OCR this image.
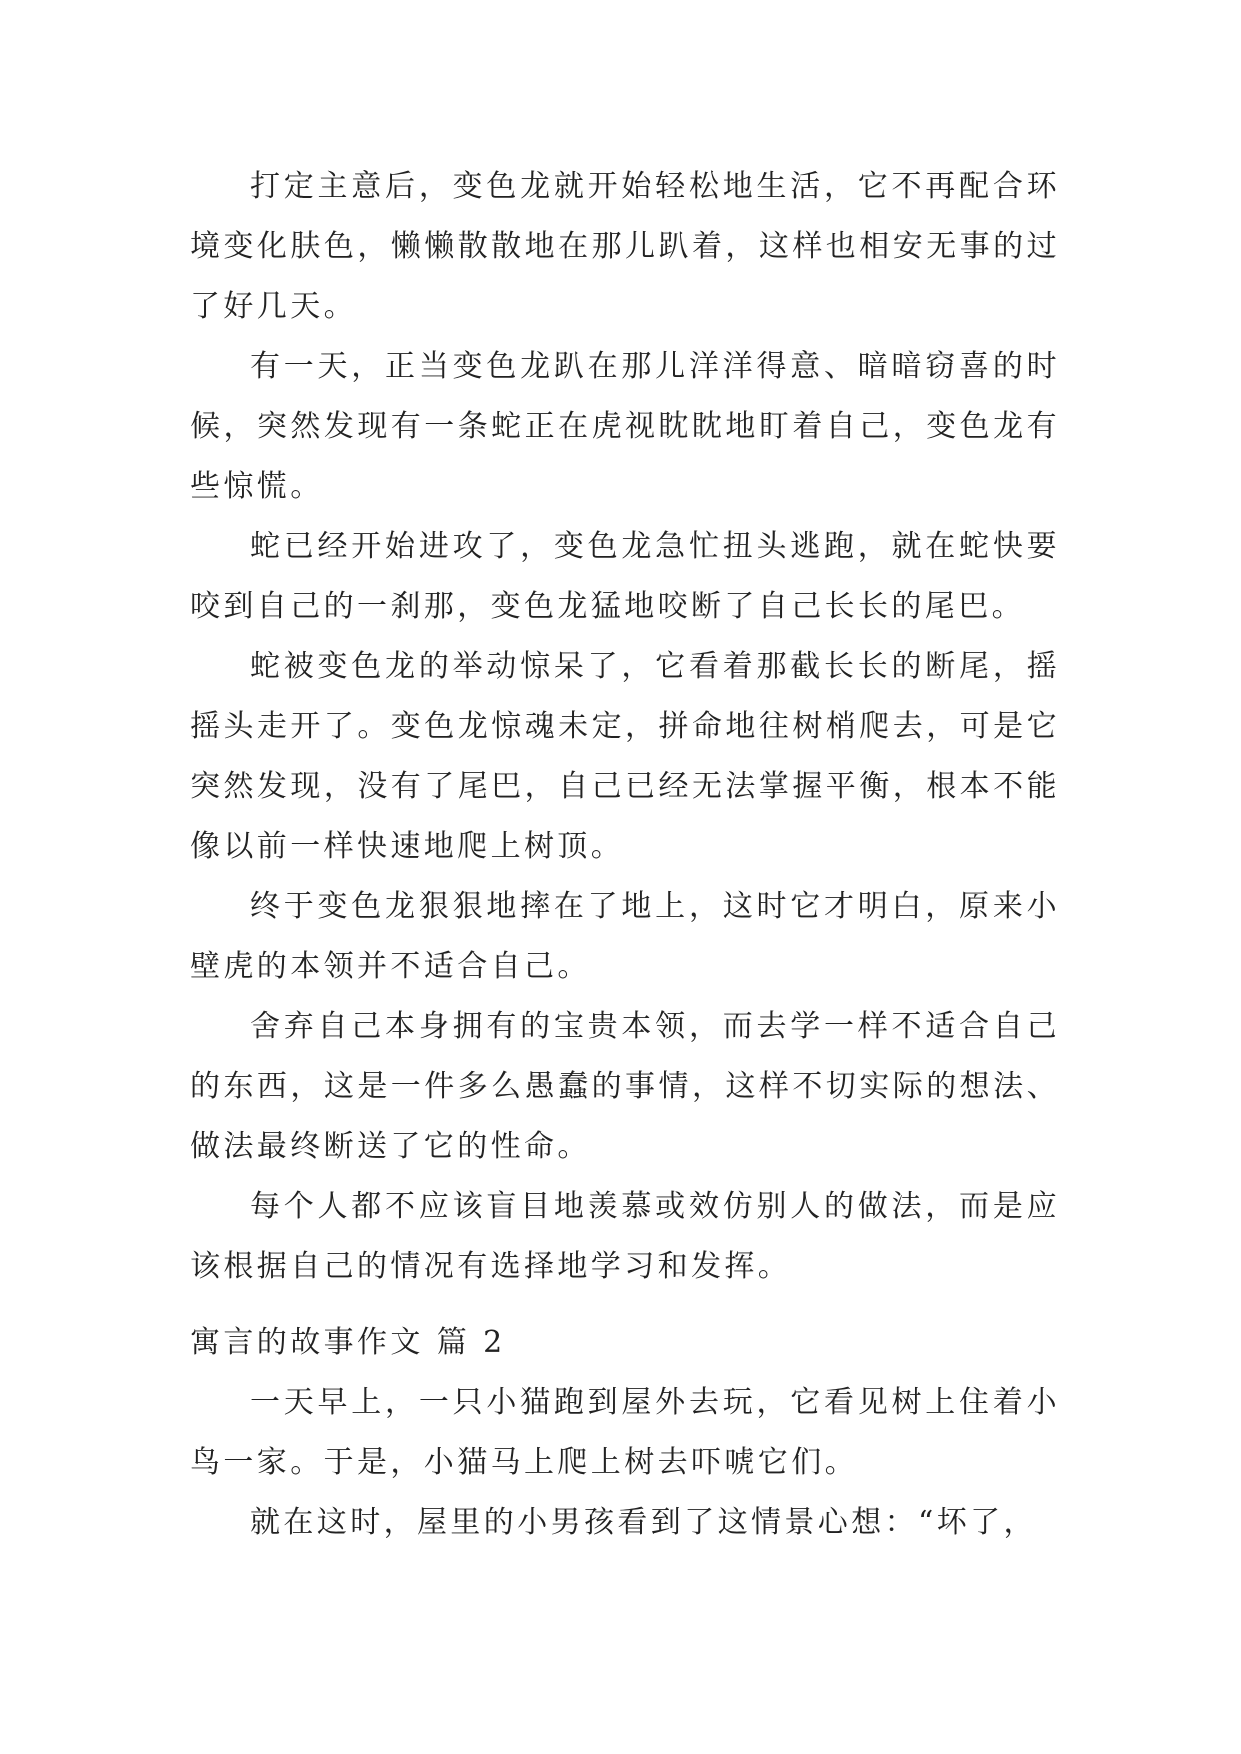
打定主意后，变色龙就开始轻松地生活，它不再配合环境变化肤色，懒懒散散地在那儿趴着，这样也相安无事的过了好几天。

有一天，正当变色龙趴在那儿洋洋得意、暗暗窃喜的时候，突然发现有一条蛇正在虎视眈眈地盯着自己，变色龙有些惊慌。

蛇已经开始进攻了，变色龙急忙扭头逃跑，就在蛇快要咬到自己的一刹那，变色龙猛地咬断了自己长长的尾巴。

蛇被变色龙的举动惊呆了，它看着那截长长的断尾，摇摇头走开了。变色龙惊魂未定，拼命地往树梢爬去，可是它突然发现，没有了尾巴，自己已经无法掌握平衡，根本不能像以前一样快速地爬上树顶。

终于变色龙狠狠地摔在了地上，这时它才明白，原来小壁虎的本领并不适合自己。

舍弃自己本身拥有的宝贵本领，而去学一样不适合自己的东西，这是一件多么愚蠢的事情，这样不切实际的想法、做法最终断送了它的性命。

每个人都不应该盲目地羡慕或效仿别人的做法，而是应该根据自己的情况有选择地学习和发挥。

寓言的故事作文 篇 2

一天早上，一只小猫跑到屋外去玩，它看见树上住着小鸟一家。于是，小猫马上爬上树去吓唬它们。

就在这时，屋里的小男孩看到了这情景心想：“坏了，
